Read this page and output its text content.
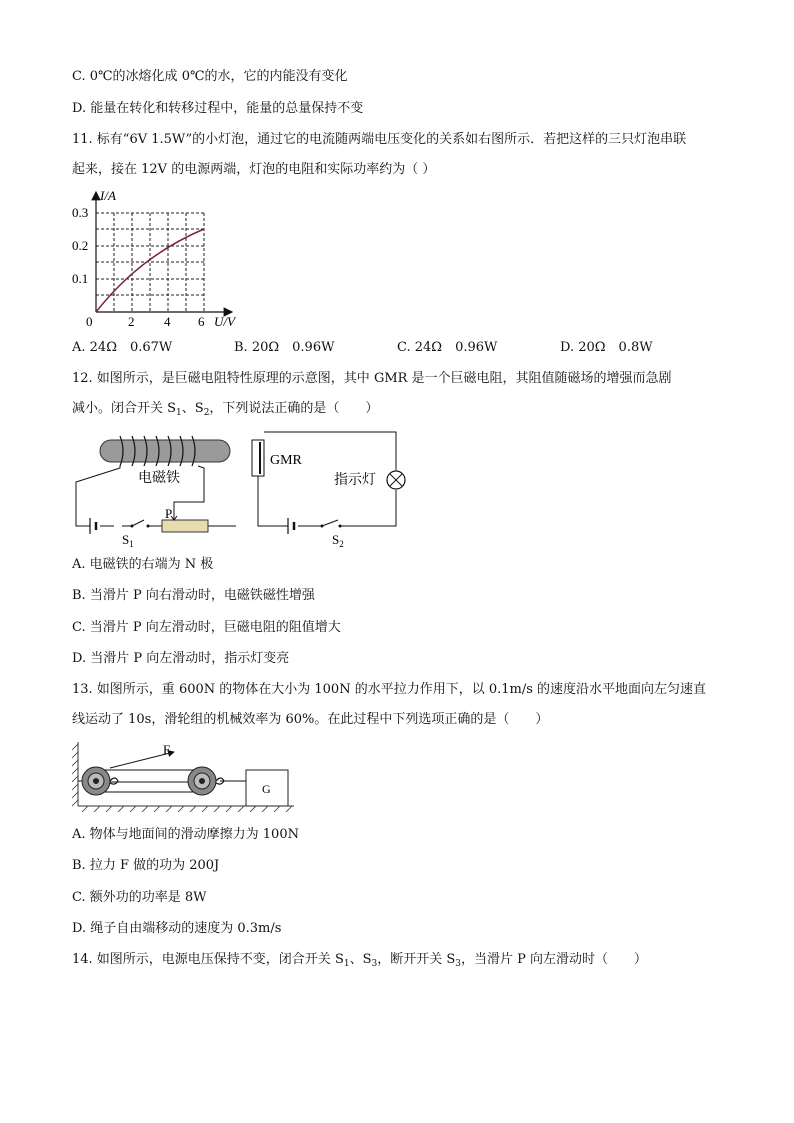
C. 0℃的冰熔化成 0℃的水，它的内能没有变化
D. 能量在转化和转移过程中，能量的总量保持不变
11. 标有“6V 1.5W”的小灯泡，通过它的电流随两端电压变化的关系如右图所示．若把这样的三只灯泡串联
起来，接在 12V 的电源两端，灯泡的电阻和实际功率约为（ ）
I/A
0.3
0.2
0.1
0	2 4 6 U/V
A. 24Ω　0.67W	B. 20Ω　0.96W	C. 24Ω　0.96W	D. 20Ω　0.8W
12. 如图所示，是巨磁电阻特性原理的示意图，其中 GMR 是一个巨磁电阻，其阻值随磁场的增强而急剧
减小。闭合开关 $S_1$、$S_2$，下列说法正确的是（　　）
P
$S_1$
电磁铁
GMR
指示灯
$S_2$
A. 电磁铁的右端为 N 极
B. 当滑片 P 向右滑动时，电磁铁磁性增强
C. 当滑片 P 向左滑动时，巨磁电阻的阻值增大
D. 当滑片 P 向左滑动时，指示灯变亮
13. 如图所示，重 600N 的物体在大小为 100N 的水平拉力作用下，以 0.1m/s 的速度沿水平地面向左匀速直
线运动了 10s，滑轮组的机械效率为 60%。在此过程中下列选项正确的是（　　）
G
F
A. 物体与地面间的滑动摩擦力为 100N
B. 拉力 F 做的功为 200J
C. 额外功的功率是 8W
D. 绳子自由端移动的速度为 0.3m/s
14. 如图所示，电源电压保持不变，闭合开关 $S_1$、$S_3$，断开开关 $S_3$，当滑片 P 向左滑动时（　　）
